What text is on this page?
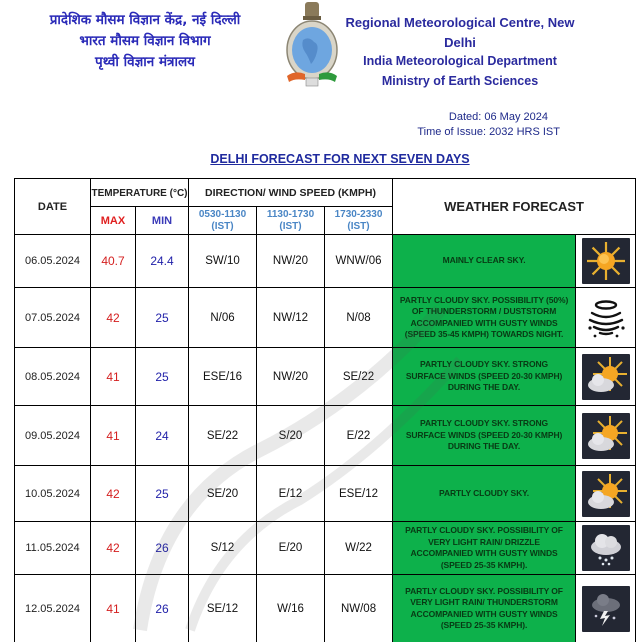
प्रादेशिक मौसम विज्ञान केंद्र, नई दिल्ली
भारत मौसम विज्ञान विभाग
पृथ्वी विज्ञान मंत्रालय
Regional Meteorological Centre, New Delhi
India Meteorological Department
Ministry of Earth Sciences
Dated: 06 May 2024
Time of Issue: 2032 HRS IST
DELHI FORECAST FOR NEXT SEVEN DAYS
DATE	TEMPERATURE (°C)		DIRECTION/ WIND SPEED (KMPH)			WEATHER FORECAST	
	MAX	MIN	0530-1130 (IST)	1130-1730 (IST)	1730-2330 (IST)		
06.05.2024	40.7	24.4	SW/10	NW/20	WNW/06	MAINLY CLEAR SKY.	

07.05.2024	42	25	N/06	NW/12	N/08	PARTLY CLOUDY SKY. POSSIBILITY (50%) OF THUNDERSTORM / DUSTSTORM ACCOMPANIED WITH GUSTY WINDS (SPEED 35-45 KMPH) TOWARDS NIGHT.	

08.05.2024	41	25	ESE/16	NW/20	SE/22	PARTLY CLOUDY SKY. STRONG SURFACE WINDS (SPEED 20-30 KMPH) DURING THE DAY.	

09.05.2024	41	24	SE/22	S/20	E/22	PARTLY CLOUDY SKY. STRONG SURFACE WINDS (SPEED 20-30 KMPH) DURING THE DAY.	

10.05.2024	42	25	SE/20	E/12	ESE/12	PARTLY CLOUDY SKY.	

11.05.2024	42	26	S/12	E/20	W/22	PARTLY CLOUDY SKY. POSSIBILITY OF VERY LIGHT RAIN/ DRIZZLE ACCOMPANIED WITH GUSTY WINDS (SPEED 25-35 KMPH).	

12.05.2024	41	26	SE/12	W/16	NW/08	PARTLY CLOUDY SKY. POSSIBILITY OF VERY LIGHT RAIN/ THUNDERSTORM ACCOMPANIED WITH GUSTY WINDS (SPEED 25-35 KMPH).	
